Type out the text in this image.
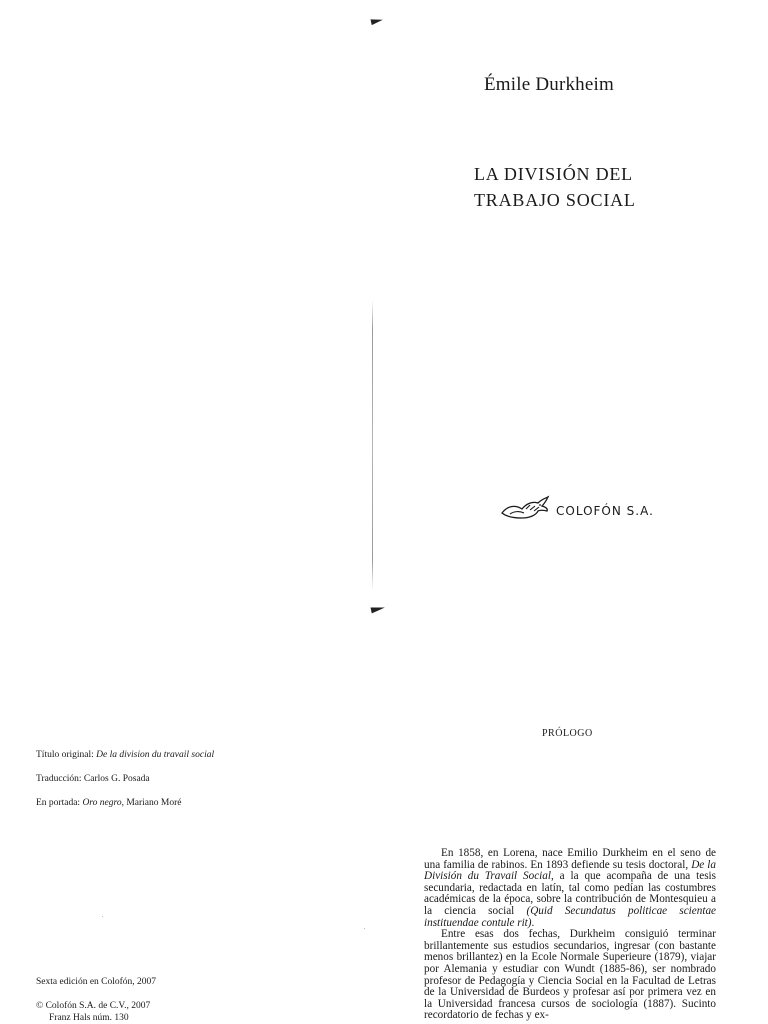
Émile Durkheim
LA DIVISIÓN DEL
TRABAJO SOCIAL
COLOFÓN S.A.
Título original: De la division du travail social
Traducción: Carlos G. Posada
En portada: Oro negro, Mariano Moré
Sexta edición en Colofón, 2007
© Colofón S.A. de C.V., 2007
Franz Hals núm. 130
PRÓLOGO

En 1858, en Lorena, nace Emilio Durkheim en el seno de una familia de rabinos. En 1893 defiende su tesis doctoral, De la División du Travail Social, a la que acompaña de una tesis secundaria, redactada en latín, tal como pedían las costumbres académicas de la época, sobre la contribución de Montesquieu a la ciencia social (Quid Secundatus politicae scientae instituendae contule rit).

Entre esas dos fechas, Durkheim consiguió terminar brillantemente sus estudios secundarios, ingresar (con bastante menos brillantez) en la Ecole Normale Superieure (1879), viajar por Alemania y estudiar con Wundt (1885-86), ser nombrado profesor de Pedagogía y Ciencia Social en la Facultad de Letras de la Universidad de Burdeos y profesar así por primera vez en la Universidad francesa cursos de sociología (1887). Sucinto recordatorio de fechas y ex-
